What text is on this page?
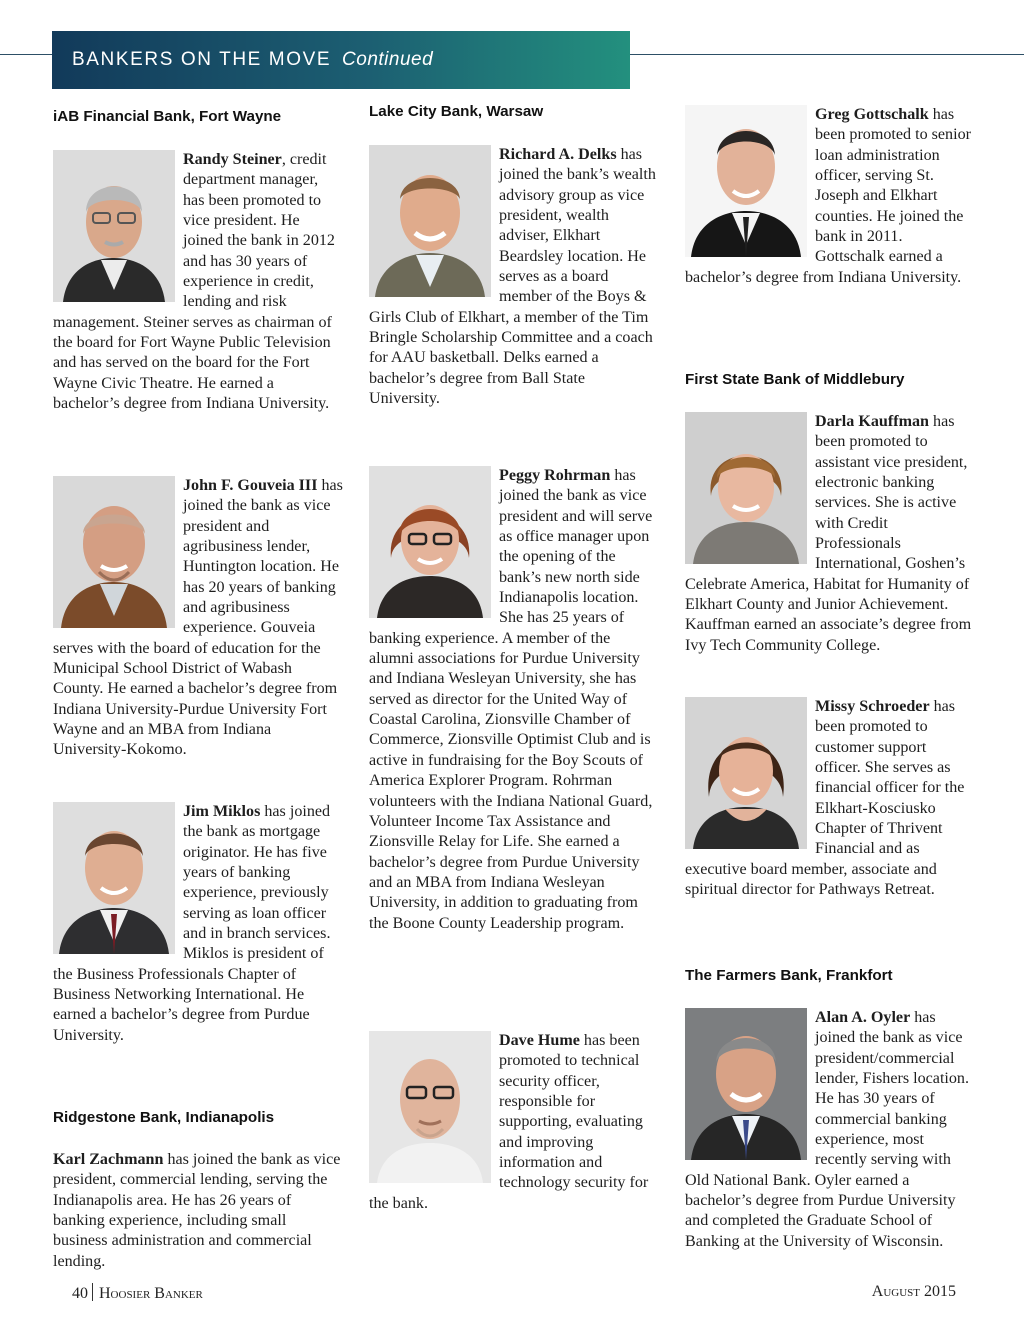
BANKERS ON THE MOVE Continued
iAB Financial Bank, Fort Wayne

Randy Steiner, credit department manager, has been promoted to vice president. He joined the bank in 2012 and has 30 years of experience in credit, lending and risk management. Steiner serves as chairman of the board for Fort Wayne Public Television and has served on the board for the Fort Wayne Civic Theatre. He earned a bachelor’s degree from Indiana University.

John F. Gouveia III has joined the bank as vice president and agribusiness lender, Huntington location. He has 20 years of banking and agribusiness experience. Gouveia serves with the board of education for the Municipal School District of Wabash County. He earned a bachelor’s degree from Indiana University-Purdue University Fort Wayne and an MBA from Indiana University-Kokomo.

Jim Miklos has joined the bank as mortgage originator. He has five years of banking experience, previously serving as loan officer and in branch services. Miklos is president of the Business Professionals Chapter of Business Networking International. He earned a bachelor’s degree from Purdue University.

Ridgestone Bank, Indianapolis

Karl Zachmann has joined the bank as vice president, commercial lending, serving the Indianapolis area. He has 26 years of banking experience, including small business administration and commercial lending.

Lake City Bank, Warsaw

Richard A. Delks has joined the bank’s wealth advisory group as vice president, wealth adviser, Elkhart Beardsley location. He serves as a board member of the Boys & Girls Club of Elkhart, a member of the Tim Bringle Scholarship Committee and a coach for AAU basketball. Delks earned a bachelor’s degree from Ball State University.

Peggy Rohrman has joined the bank as vice president and will serve as office manager upon the opening of the bank’s new north side Indianapolis location. She has 25 years of banking experience. A member of the alumni associations for Purdue University and Indiana Wesleyan University, she has served as director for the United Way of Coastal Carolina, Zionsville Chamber of Commerce, Zionsville Optimist Club and is active in fundraising for the Boy Scouts of America Explorer Program. Rohrman volunteers with the Indiana National Guard, Volunteer Income Tax Assistance and Zionsville Relay for Life. She earned a bachelor’s degree from Purdue University and an MBA from Indiana Wesleyan University, in addition to graduating from the Boone County Leadership program.

Dave Hume has been promoted to technical security officer, responsible for supporting, evaluating and improving information and technology security for the bank.

Greg Gottschalk has been promoted to senior loan administration officer, serving St. Joseph and Elkhart counties. He joined the bank in 2011. Gottschalk earned a bachelor’s degree from Indiana University.

First State Bank of Middlebury

Darla Kauffman has been promoted to assistant vice president, electronic banking services. She is active with Credit Professionals International, Goshen’s Celebrate America, Habitat for Humanity of Elkhart County and Junior Achievement. Kauffman earned an associate’s degree from Ivy Tech Community College.

Missy Schroeder has been promoted to customer support officer. She serves as financial officer for the Elkhart-Kosciusko Chapter of Thrivent Financial and as executive board member, associate and spiritual director for Pathways Retreat.

The Farmers Bank, Frankfort

Alan A. Oyler has joined the bank as vice president/commercial lender, Fishers location. He has 30 years of commercial banking experience, most recently serving with Old National Bank. Oyler earned a bachelor’s degree from Purdue University and completed the Graduate School of Banking at the University of Wisconsin.

40 Hoosier Banker	August 2015
